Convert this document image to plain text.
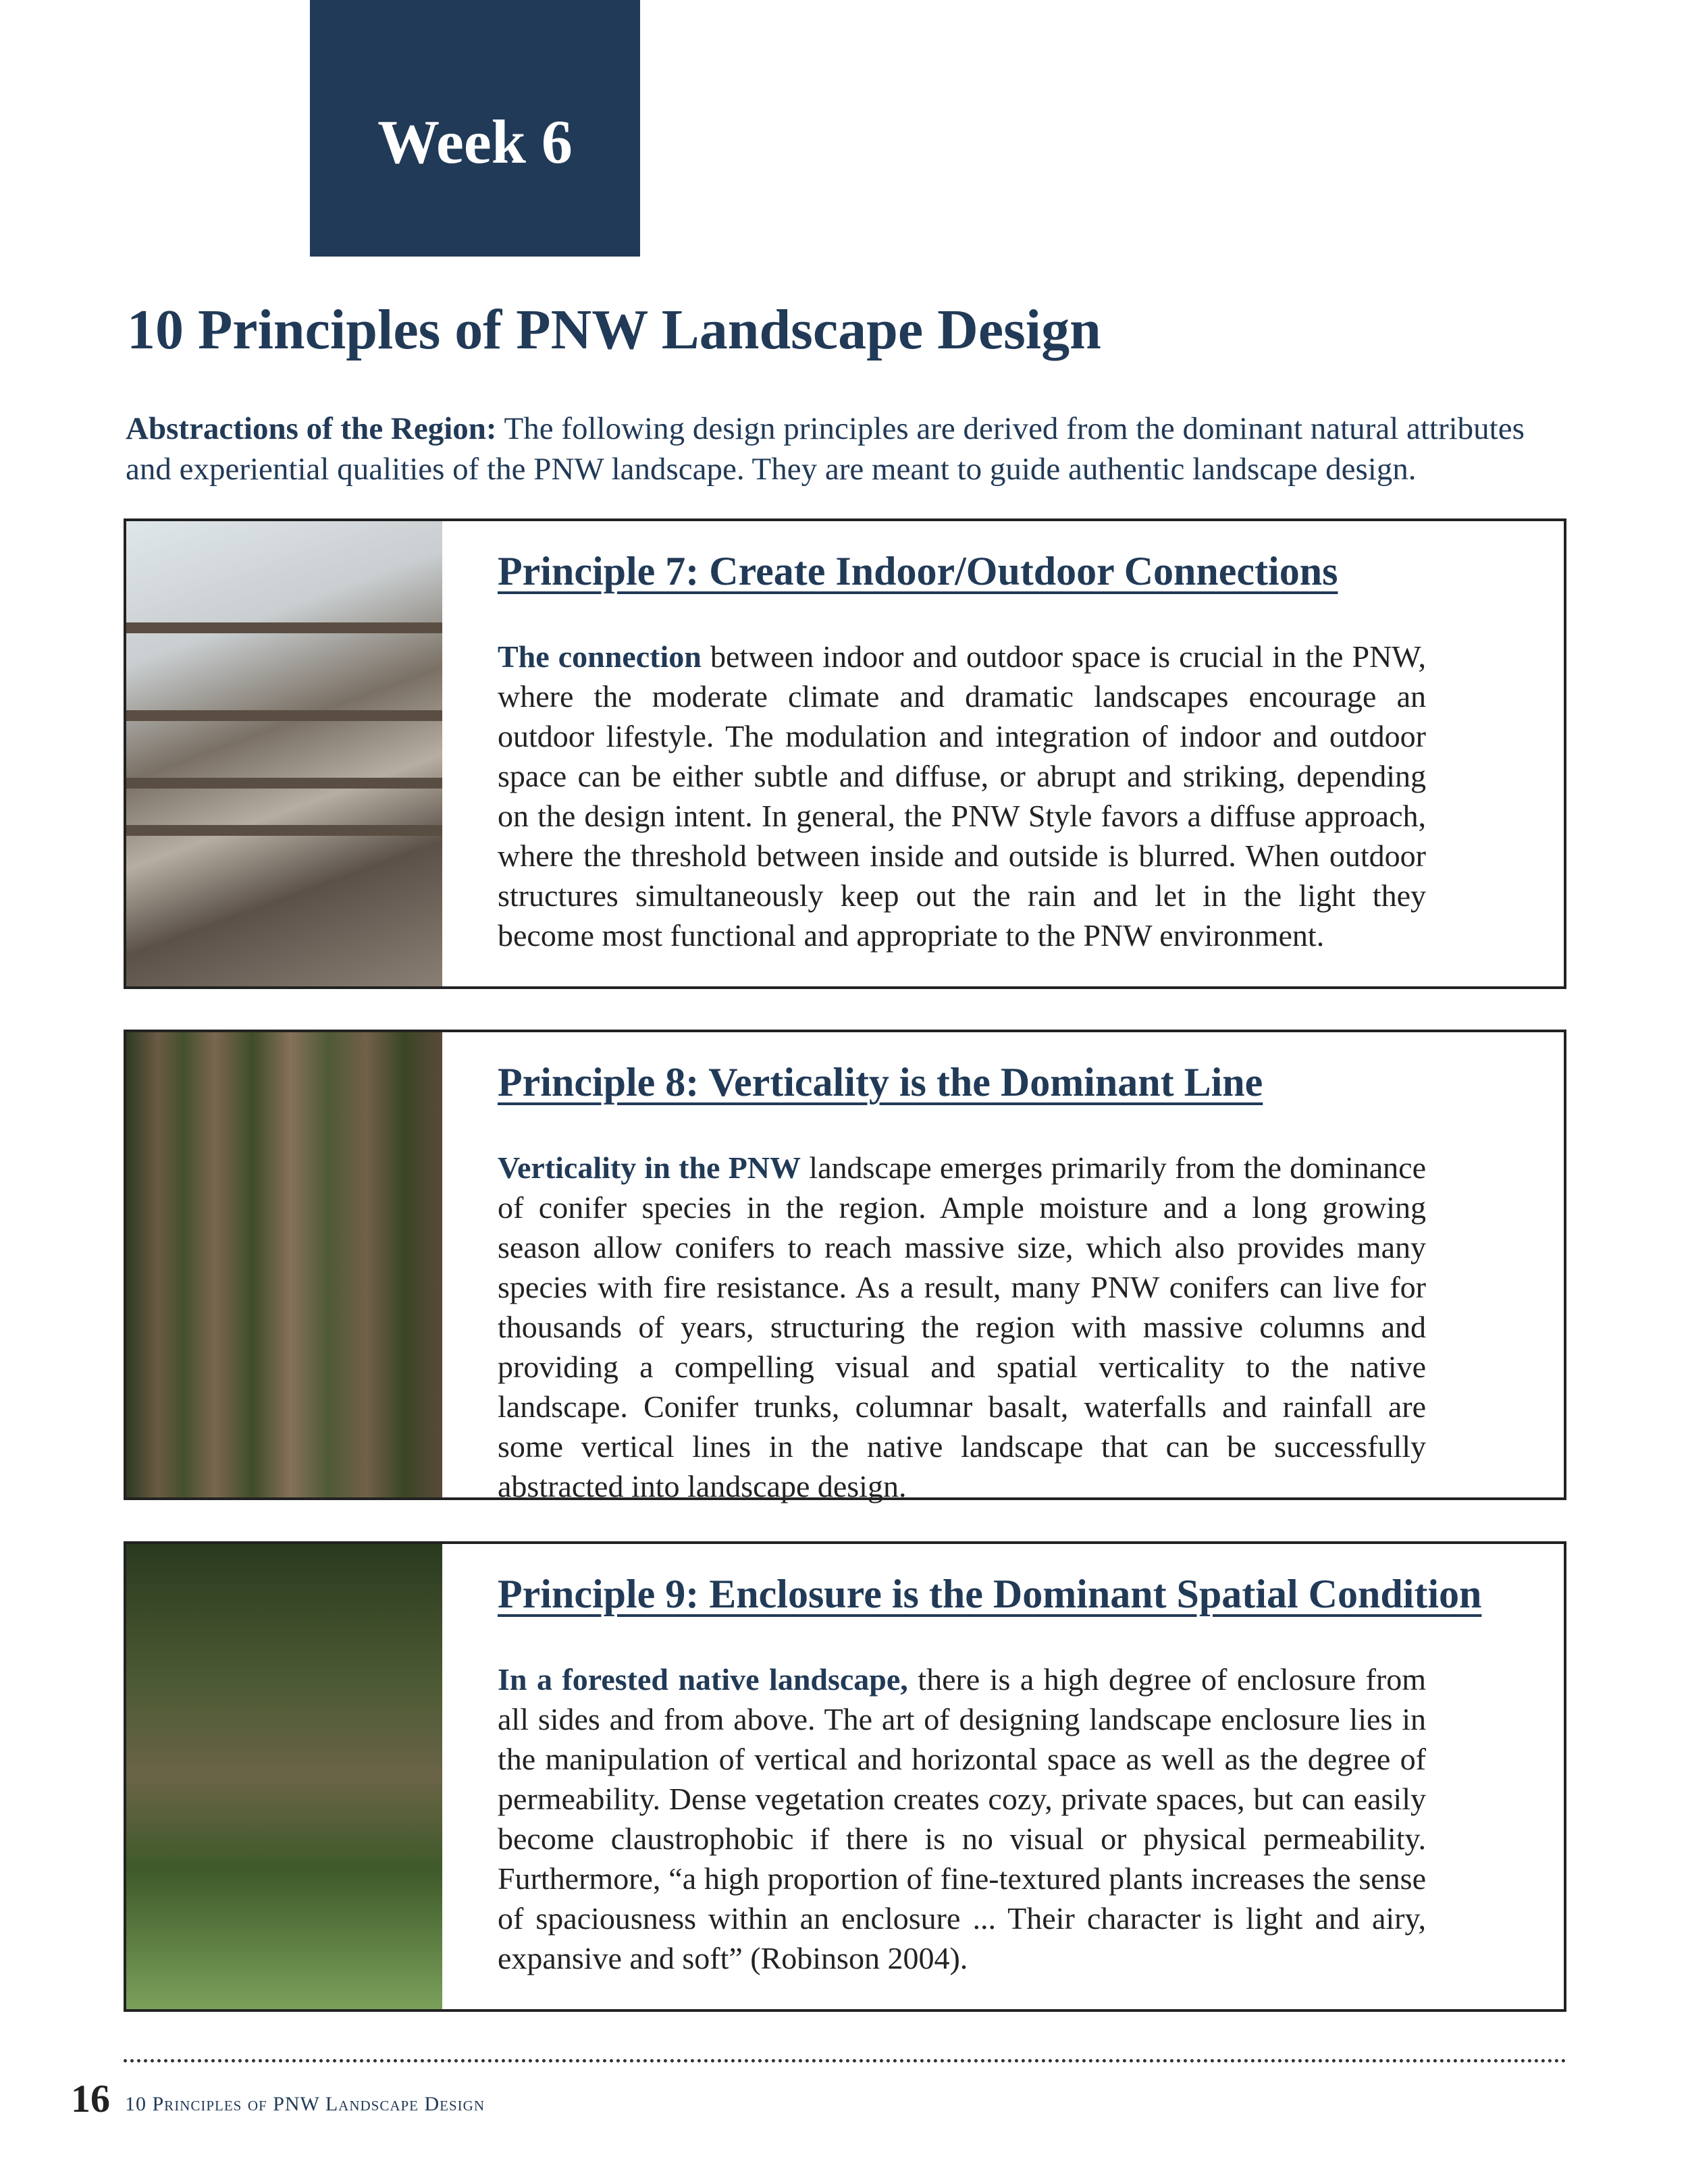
Week 6
10 Principles of PNW Landscape Design
Abstractions of the Region: The following design principles are derived from the dominant natural attributes and experiential qualities of the PNW landscape. They are meant to guide authentic landscape design.
Principle 7: Create Indoor/Outdoor Connections
The connection between indoor and outdoor space is crucial in the PNW, where the moderate climate and dramatic landscapes encourage an outdoor lifestyle. The modulation and integration of indoor and outdoor space can be either subtle and diffuse, or abrupt and striking, depending on the design intent. In general, the PNW Style favors a diffuse approach, where the threshold between inside and outside is blurred. When outdoor structures simultaneously keep out the rain and let in the light they become most functional and appropriate to the PNW environment.
Principle 8: Verticality is the Dominant Line
Verticality in the PNW landscape emerges primarily from the dominance of conifer species in the region. Ample moisture and a long growing season allow conifers to reach massive size, which also provides many species with fire resistance. As a result, many PNW conifers can live for thousands of years, structuring the region with massive columns and providing a compelling visual and spatial verticality to the native landscape. Conifer trunks, columnar basalt, waterfalls and rainfall are some vertical lines in the native landscape that can be successfully abstracted into landscape design.
Principle 9: Enclosure is the Dominant Spatial Condition
In a forested native landscape, there is a high degree of enclosure from all sides and from above. The art of designing landscape enclosure lies in the manipulation of vertical and horizontal space as well as the degree of permeability. Dense vegetation creates cozy, private spaces, but can easily become claustrophobic if there is no visual or physical permeability. Furthermore, “a high proportion of fine-textured plants increases the sense of spaciousness within an enclosure ... Their character is light and airy, expansive and soft” (Robinson 2004).
16 10 Principles of PNW Landscape Design
